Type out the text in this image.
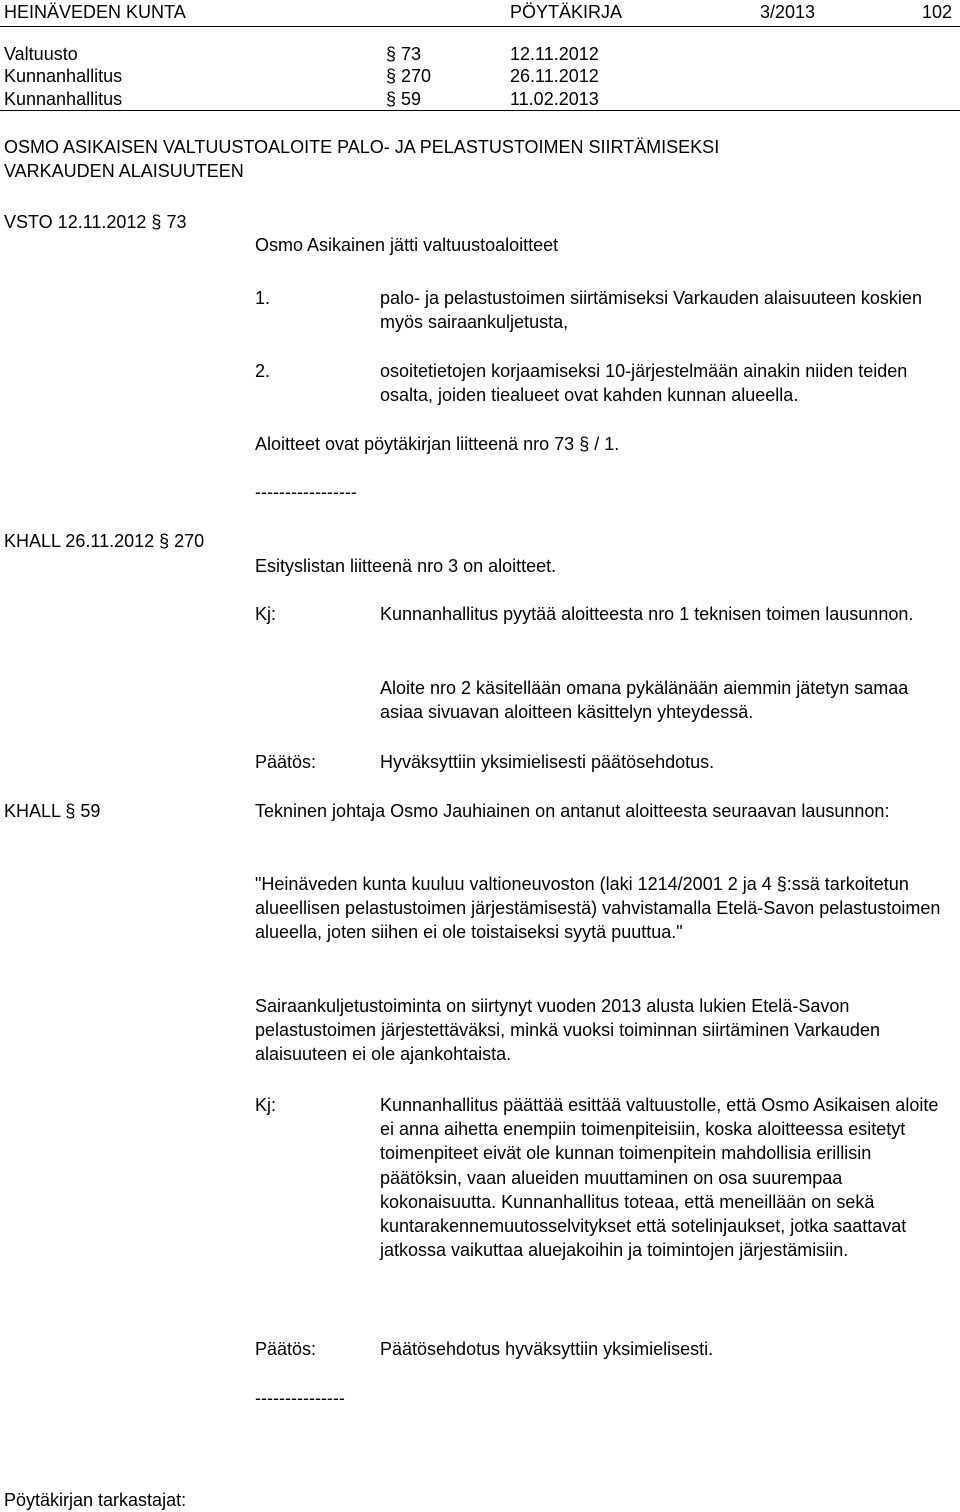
HEINÄVEDEN KUNTA	PÖYTÄKIRJA	3/2013	102
Valtuusto	§ 73	12.11.2012
Kunnanhallitus	§ 270	26.11.2012
Kunnanhallitus	§ 59	11.02.2013
OSMO ASIKAISEN VALTUUSTOALOITE PALO- JA PELASTUSTOIMEN SIIRTÄMISEKSI
VARKAUDEN ALAISUUTEEN
VSTO 12.11.2012 § 73
Osmo Asikainen jätti valtuustoaloitteet
1.	palo- ja pelastustoimen siirtämiseksi Varkauden alaisuuteen koskien myös sairaankuljetusta,
2.	osoitetietojen korjaamiseksi 10-järjestelmään ainakin niiden teiden osalta, joiden tiealueet ovat kahden kunnan alueella.
Aloitteet ovat pöytäkirjan liitteenä nro 73 § / 1.
-----------------
KHALL 26.11.2012 § 270
Esityslistan liitteenä nro 3 on aloitteet.
Kj:	Kunnanhallitus pyytää aloitteesta nro 1 teknisen toimen lausunnon.
Aloite nro 2 käsitellään omana pykälänään aiemmin jätetyn samaa asiaa sivuavan aloitteen käsittelyn yhteydessä.
Päätös:	Hyväksyttiin yksimielisesti päätösehdotus.
KHALL § 59	Tekninen johtaja Osmo Jauhiainen on antanut aloitteesta seuraavan lausunnon:
"Heinäveden kunta kuuluu valtioneuvoston (laki 1214/2001 2 ja 4 §:ssä tarkoitetun alueellisen pelastustoimen järjestämisestä) vahvistamalla Etelä-Savon pelastustoimen alueella, joten siihen ei ole toistaiseksi syytä puuttua."
Sairaankuljetustoiminta on siirtynyt vuoden 2013 alusta lukien Etelä-Savon pelastustoimen järjestettäväksi, minkä vuoksi toiminnan siirtäminen Varkauden alaisuuteen ei ole ajankohtaista.
Kj:	Kunnanhallitus päättää esittää valtuustolle, että Osmo Asikaisen aloite ei anna aihetta enempiin toimenpiteisiin, koska aloitteessa esitetyt toimenpiteet eivät ole kunnan toimenpitein mahdollisia erillisin päätöksin, vaan alueiden muuttaminen on osa suurempaa kokonaisuutta. Kunnanhallitus toteaa, että meneillään on sekä kuntarakennemuutosselvitykset että sotelinjaukset, jotka saattavat jatkossa vaikuttaa aluejakoihin ja toimintojen järjestämisiin.
Päätös:	Päätösehdotus hyväksyttiin yksimielisesti.
---------------
Pöytäkirjan tarkastajat:
